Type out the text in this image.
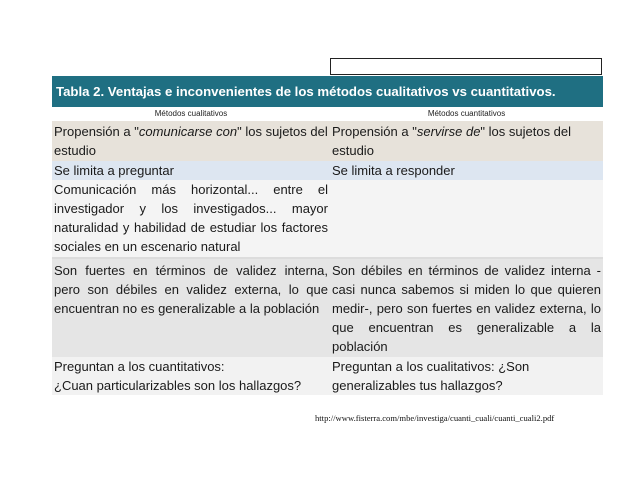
Tabla 2. Ventajas e inconvenientes de los métodos cualitativos vs cuantitativos.
Métodos cualitativos	Métodos cuantitativos
Propensión a "comunicarse con" los sujetos del estudio
Propensión a "servirse de" los sujetos del estudio
Se limita a preguntar	Se limita a responder
Comunicación más horizontal... entre el investigador y los investigados... mayor naturalidad y habilidad de estudiar los factores sociales en un escenario natural
Son fuertes en términos de validez interna, pero son débiles en validez externa, lo que encuentran no es generalizable a la población
Son débiles en términos de validez interna -casi nunca sabemos si miden lo que quieren medir-, pero son fuertes en validez externa, lo que encuentran es generalizable a la población
Preguntan a los cuantitativos:
¿Cuan particularizables son los hallazgos?
Preguntan a los cualitativos: ¿Son generalizables tus hallazgos?
http://www.fisterra.com/mbe/investiga/cuanti_cuali/cuanti_cuali2.pdf
